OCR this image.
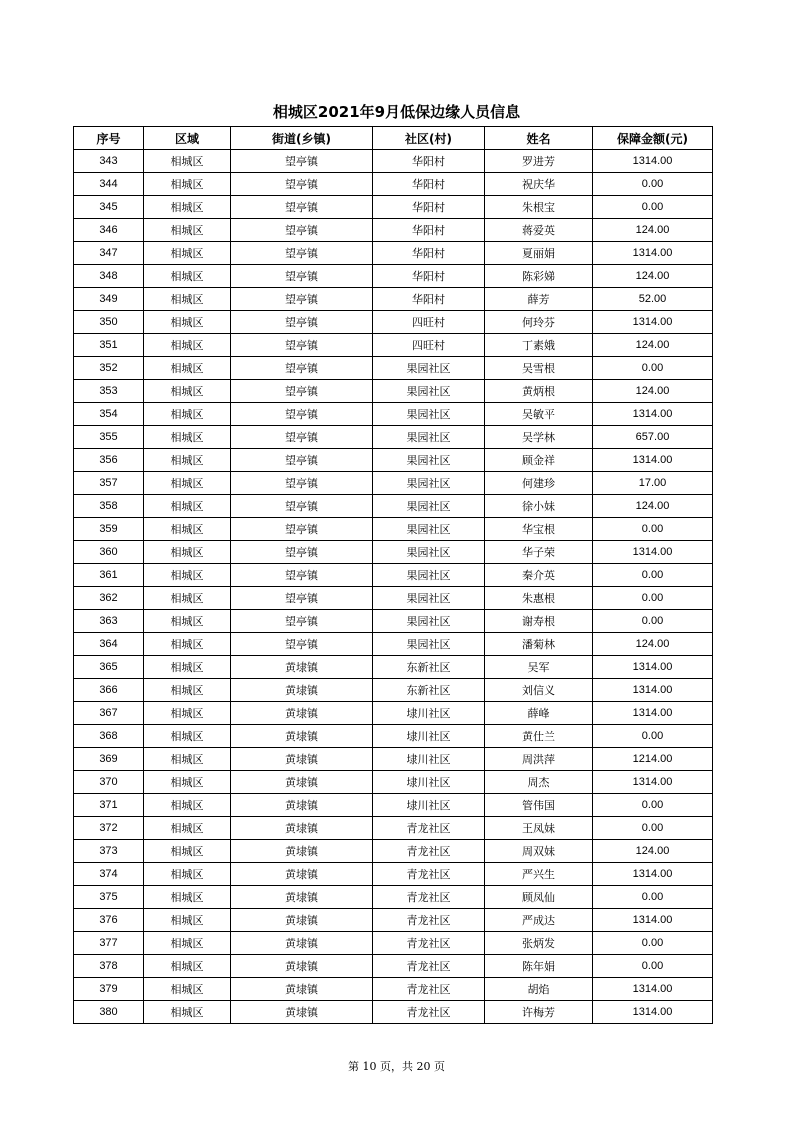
相城区2021年9月低保边缘人员信息
序号	区域	街道(乡镇)	社区(村)	姓名	保障金额(元)
343	相城区	望亭镇	华阳村	罗进芳	1314.00
344	相城区	望亭镇	华阳村	祝庆华	0.00
345	相城区	望亭镇	华阳村	朱根宝	0.00
346	相城区	望亭镇	华阳村	蒋爱英	124.00
347	相城区	望亭镇	华阳村	夏丽娟	1314.00
348	相城区	望亭镇	华阳村	陈彩娣	124.00
349	相城区	望亭镇	华阳村	薛芳	52.00
350	相城区	望亭镇	四旺村	何玲芬	1314.00
351	相城区	望亭镇	四旺村	丁素娥	124.00
352	相城区	望亭镇	果园社区	吴雪根	0.00
353	相城区	望亭镇	果园社区	黄炳根	124.00
354	相城区	望亭镇	果园社区	吴敏平	1314.00
355	相城区	望亭镇	果园社区	吴学林	657.00
356	相城区	望亭镇	果园社区	顾金祥	1314.00
357	相城区	望亭镇	果园社区	何建珍	17.00
358	相城区	望亭镇	果园社区	徐小妹	124.00
359	相城区	望亭镇	果园社区	华宝根	0.00
360	相城区	望亭镇	果园社区	华子荣	1314.00
361	相城区	望亭镇	果园社区	秦介英	0.00
362	相城区	望亭镇	果园社区	朱惠根	0.00
363	相城区	望亭镇	果园社区	谢寿根	0.00
364	相城区	望亭镇	果园社区	潘菊林	124.00
365	相城区	黄埭镇	东新社区	吴军	1314.00
366	相城区	黄埭镇	东新社区	刘信义	1314.00
367	相城区	黄埭镇	埭川社区	薛峰	1314.00
368	相城区	黄埭镇	埭川社区	黄仕兰	0.00
369	相城区	黄埭镇	埭川社区	周洪萍	1214.00
370	相城区	黄埭镇	埭川社区	周杰	1314.00
371	相城区	黄埭镇	埭川社区	管伟国	0.00
372	相城区	黄埭镇	青龙社区	王凤妹	0.00
373	相城区	黄埭镇	青龙社区	周双妹	124.00
374	相城区	黄埭镇	青龙社区	严兴生	1314.00
375	相城区	黄埭镇	青龙社区	顾凤仙	0.00
376	相城区	黄埭镇	青龙社区	严成达	1314.00
377	相城区	黄埭镇	青龙社区	张炳发	0.00
378	相城区	黄埭镇	青龙社区	陈年娟	0.00
379	相城区	黄埭镇	青龙社区	胡焰	1314.00
380	相城区	黄埭镇	青龙社区	许梅芳	1314.00
第 10 页，共 20 页
